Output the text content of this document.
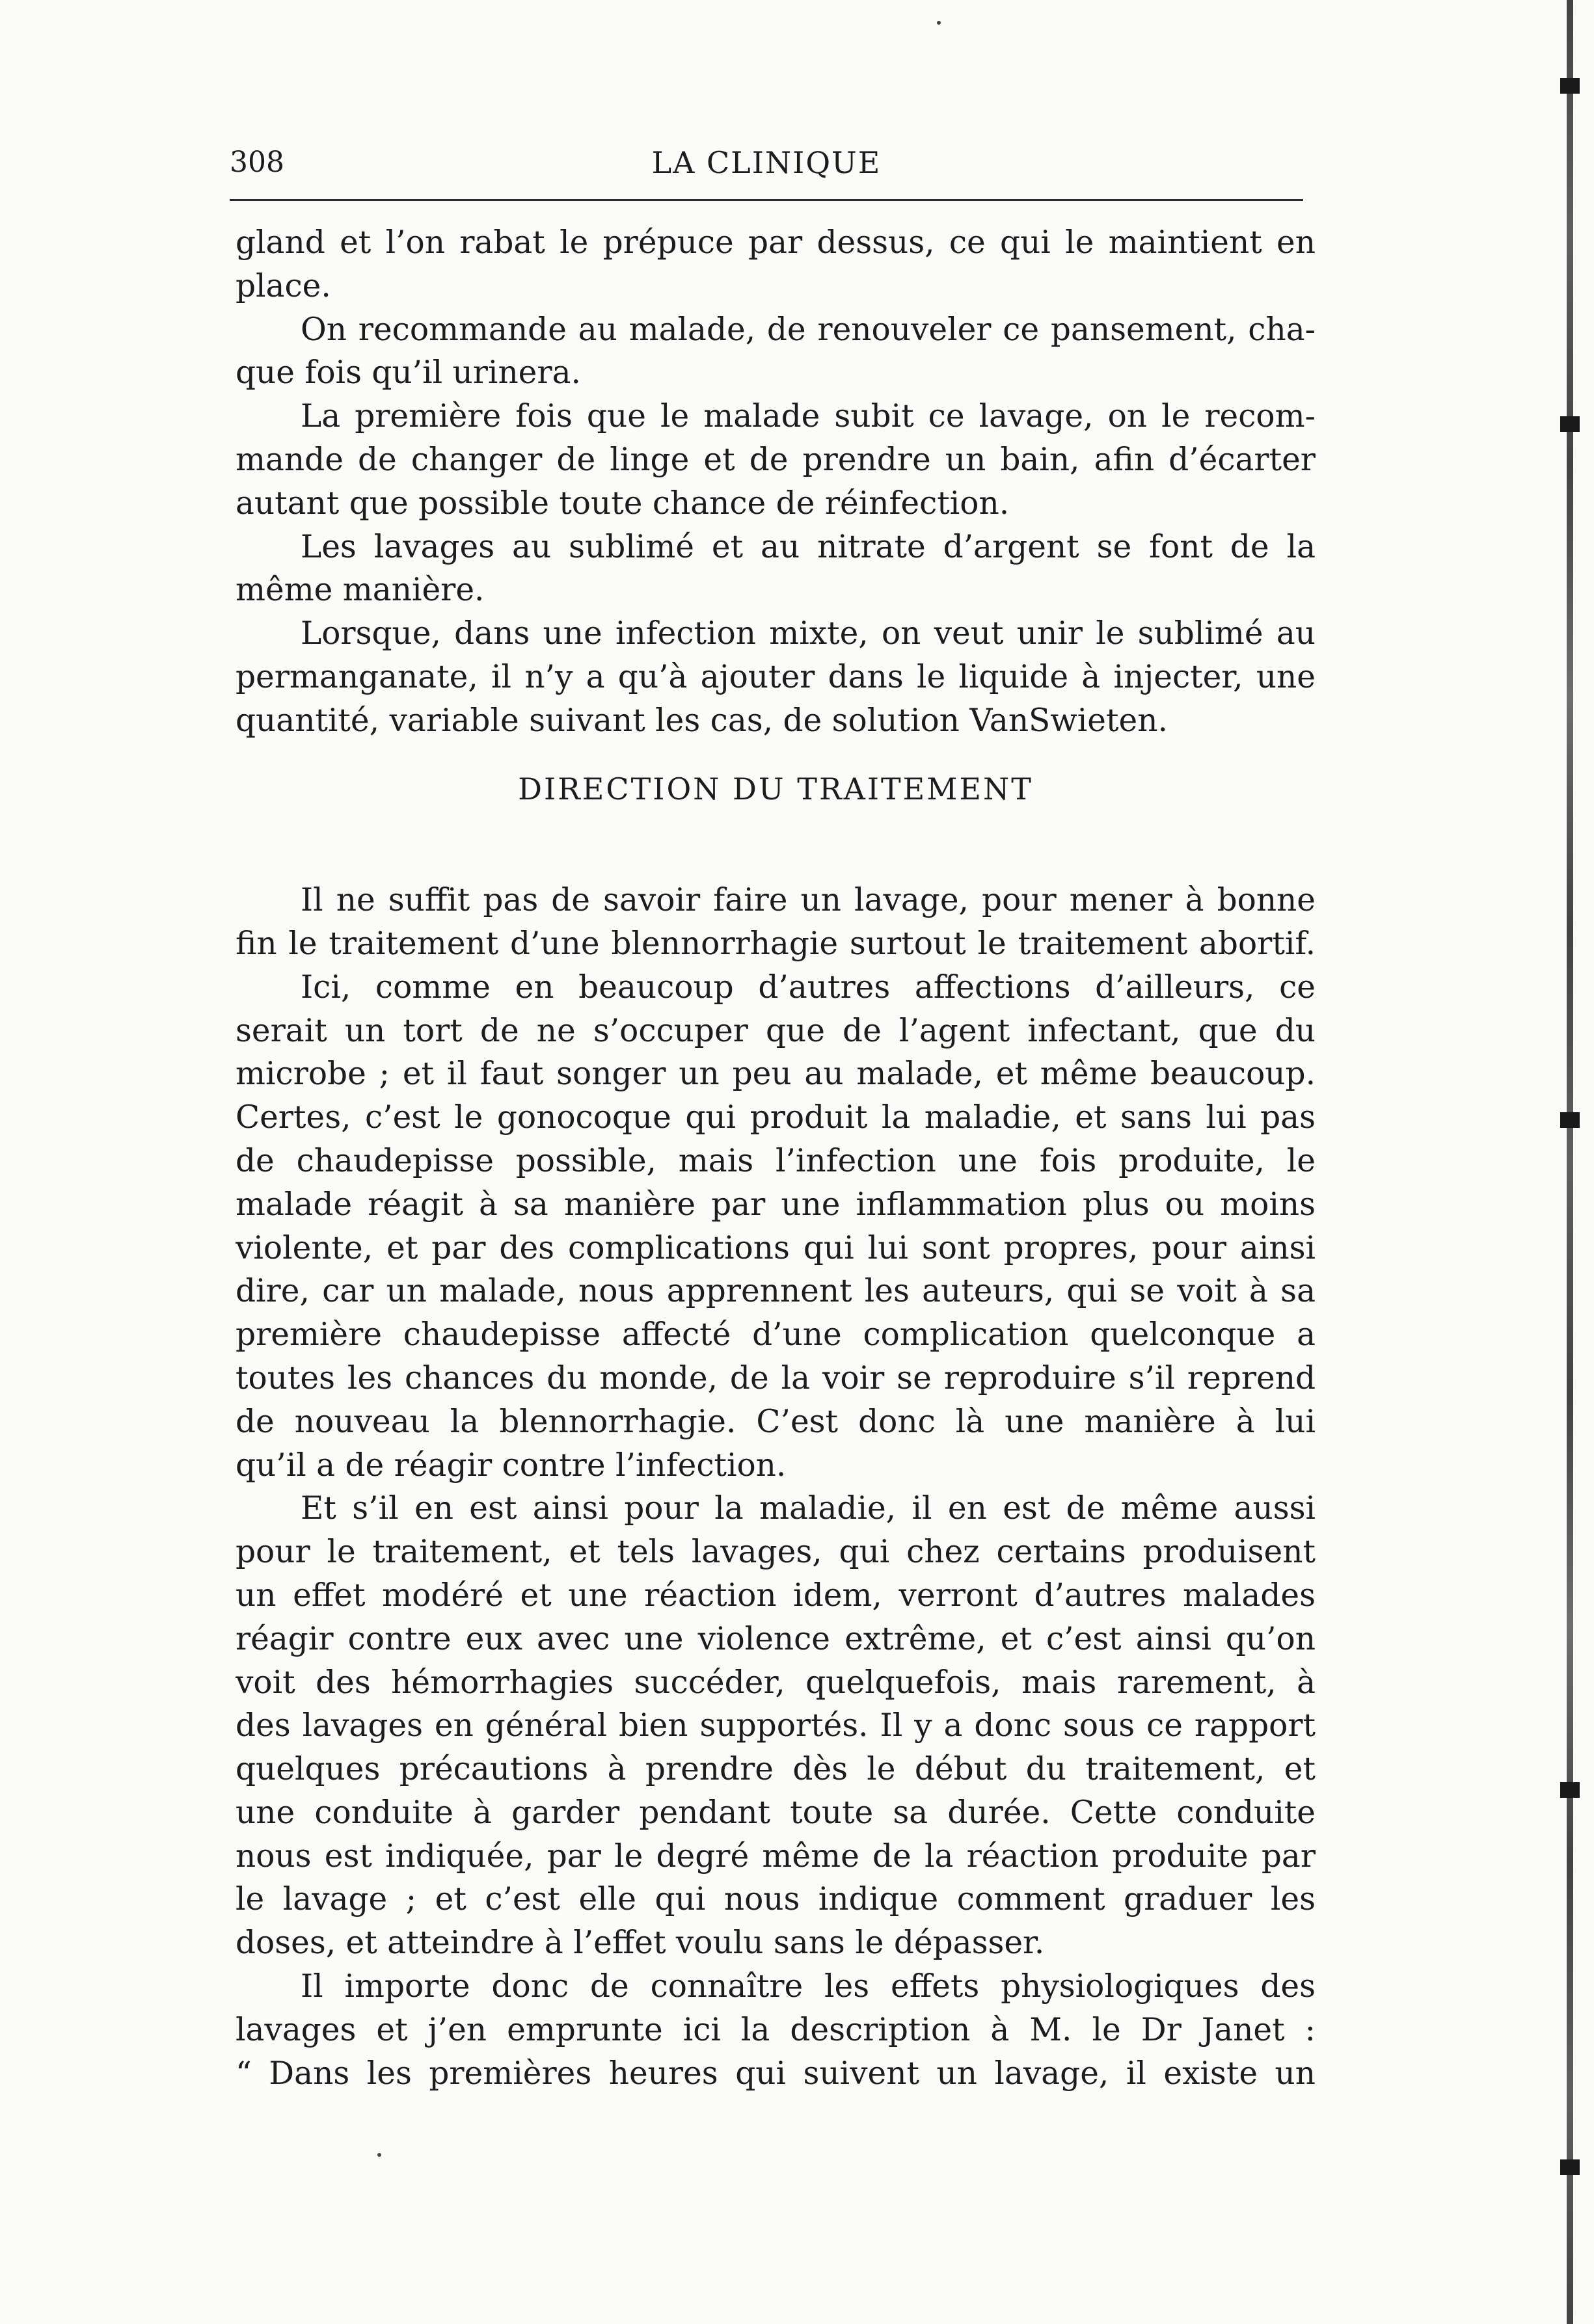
308	LA CLINIQUE
gland et l’on rabat le prépuce par dessus, ce qui le maintient en
place.
On recommande au malade, de renouveler ce pansement, cha-
que fois qu’il urinera.
La première fois que le malade subit ce lavage, on le recom-
mande de changer de linge et de prendre un bain, afin d’écarter
autant que possible toute chance de réinfection.
Les lavages au sublimé et au nitrate d’argent se font de la
même manière.
Lorsque, dans une infection mixte, on veut unir le sublimé au
permanganate, il n’y a qu’à ajouter dans le liquide à injecter, une
quantité, variable suivant les cas, de solution VanSwieten.
DIRECTION DU TRAITEMENT
Il ne suffit pas de savoir faire un lavage, pour mener à bonne
fin le traitement d’une blennorrhagie surtout le traitement abortif.
Ici, comme en beaucoup d’autres affections d’ailleurs, ce
serait un tort de ne s’occuper que de l’agent infectant, que du
microbe ; et il faut songer un peu au malade, et même beaucoup.
Certes, c’est le gonocoque qui produit la maladie, et sans lui pas
de chaudepisse possible, mais l’infection une fois produite, le
malade réagit à sa manière par une inflammation plus ou moins
violente, et par des complications qui lui sont propres, pour ainsi
dire, car un malade, nous apprennent les auteurs, qui se voit à sa
première chaudepisse affecté d’une complication quelconque a
toutes les chances du monde, de la voir se reproduire s’il reprend
de nouveau la blennorrhagie. C’est donc là une manière à lui
qu’il a de réagir contre l’infection.
Et s’il en est ainsi pour la maladie, il en est de même aussi
pour le traitement, et tels lavages, qui chez certains produisent
un effet modéré et une réaction idem, verront d’autres malades
réagir contre eux avec une violence extrême, et c’est ainsi qu’on
voit des hémorrhagies succéder, quelquefois, mais rarement, à
des lavages en général bien supportés. Il y a donc sous ce rapport
quelques précautions à prendre dès le début du traitement, et
une conduite à garder pendant toute sa durée. Cette conduite
nous est indiquée, par le degré même de la réaction produite par
le lavage ; et c’est elle qui nous indique comment graduer les
doses, et atteindre à l’effet voulu sans le dépasser.
Il importe donc de connaître les effets physiologiques des
lavages et j’en emprunte ici la description à M. le Dr Janet :
“ Dans les premières heures qui suivent un lavage, il existe un
